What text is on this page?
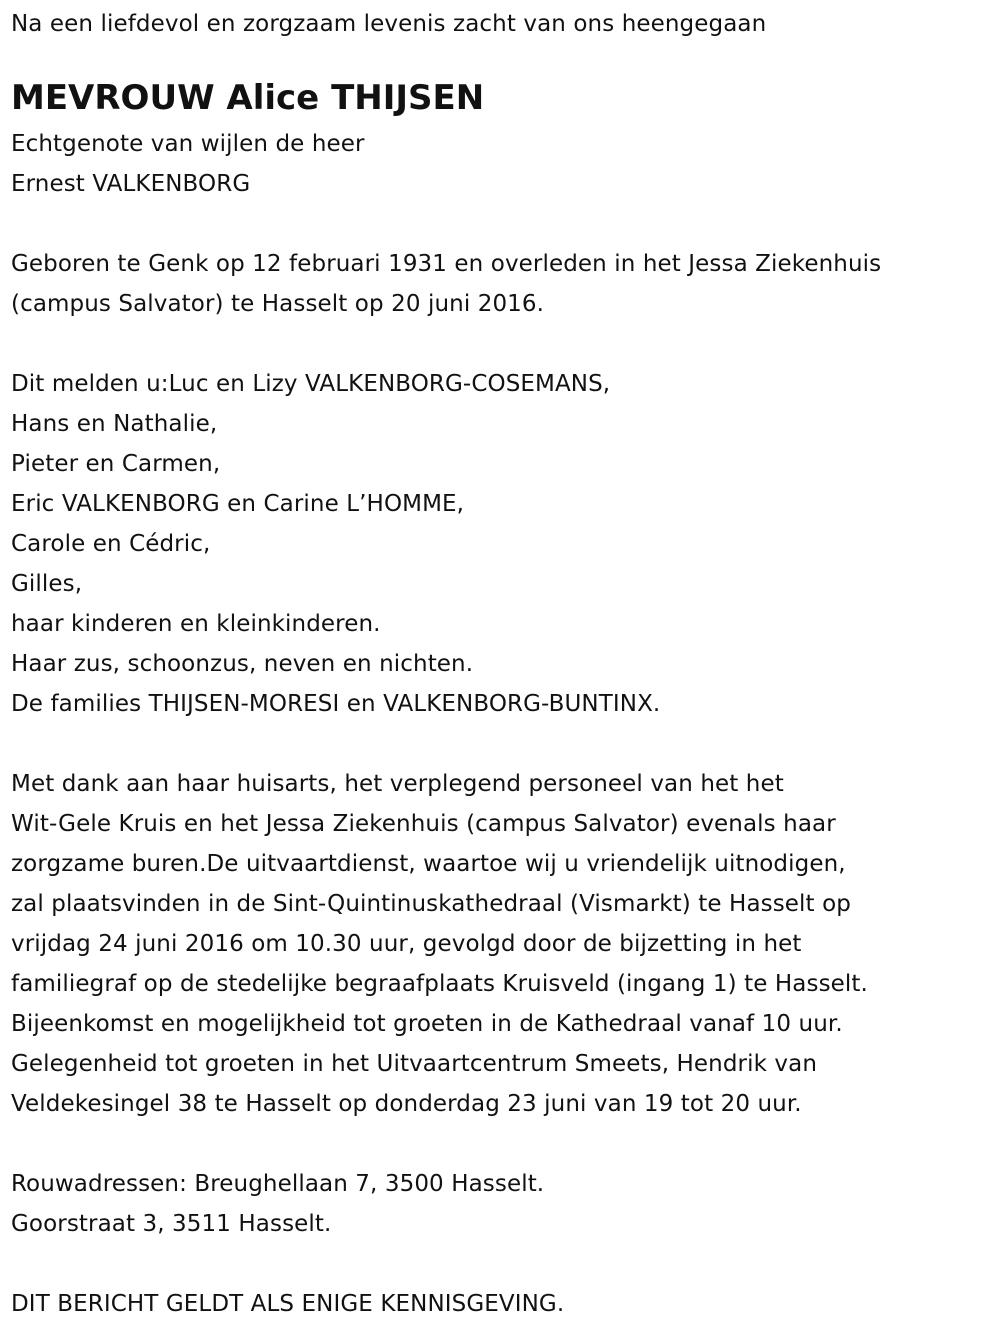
Na een liefdevol en zorgzaam levenis zacht van ons heengegaan
MEVROUW Alice THIJSEN
Echtgenote van wijlen de heer
Ernest VALKENBORG
Geboren te Genk op 12 februari 1931 en overleden in het Jessa Ziekenhuis
(campus Salvator) te Hasselt op 20 juni 2016.
Dit melden u:Luc en Lizy VALKENBORG-COSEMANS,
Hans en Nathalie,
Pieter en Carmen,
Eric VALKENBORG en Carine L’HOMME,
Carole en Cédric,
Gilles,
haar kinderen en kleinkinderen.
Haar zus, schoonzus, neven en nichten.
De families THIJSEN-MORESI en VALKENBORG-BUNTINX.
Met dank aan haar huisarts, het verplegend personeel van het het
Wit-Gele Kruis en het Jessa Ziekenhuis (campus Salvator) evenals haar
zorgzame buren.De uitvaartdienst, waartoe wij u vriendelijk uitnodigen,
zal plaatsvinden in de Sint-Quintinuskathedraal (Vismarkt) te Hasselt op
vrijdag 24 juni 2016 om 10.30 uur, gevolgd door de bijzetting in het
familiegraf op de stedelijke begraafplaats Kruisveld (ingang 1) te Hasselt.
Bijeenkomst en mogelijkheid tot groeten in de Kathedraal vanaf 10 uur.
Gelegenheid tot groeten in het Uitvaartcentrum Smeets, Hendrik van
Veldekesingel 38 te Hasselt op donderdag 23 juni van 19 tot 20 uur.
Rouwadressen: Breughellaan 7, 3500 Hasselt.
Goorstraat 3, 3511 Hasselt.
DIT BERICHT GELDT ALS ENIGE KENNISGEVING.
